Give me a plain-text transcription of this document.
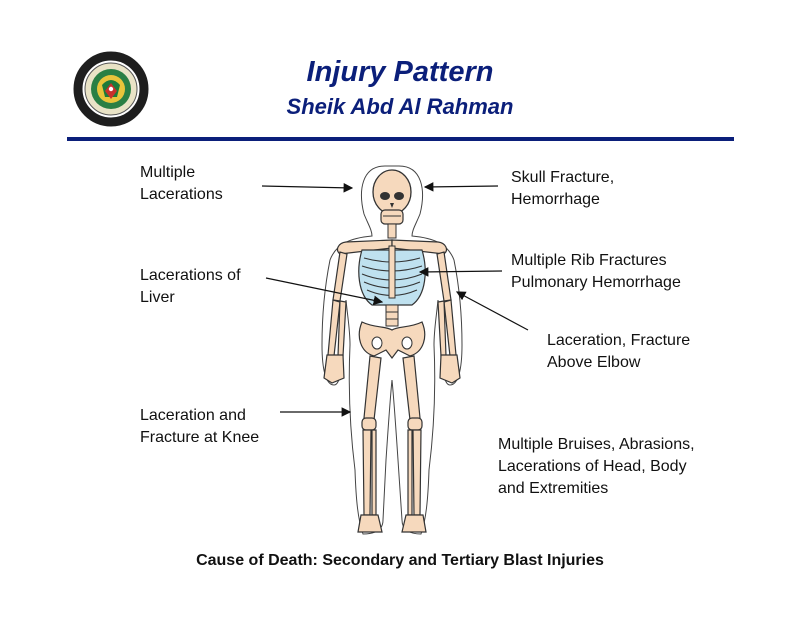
Injury Pattern
Sheik Abd Al Rahman
Multiple
Lacerations
Skull Fracture,
Hemorrhage
Lacerations of
Liver
Multiple Rib Fractures
Pulmonary Hemorrhage
Laceration, Fracture
Above Elbow
Laceration and
Fracture at Knee	Multiple Bruises, Abrasions,
Lacerations of Head, Body
and Extremities
Cause of Death: Secondary and Tertiary Blast Injuries
